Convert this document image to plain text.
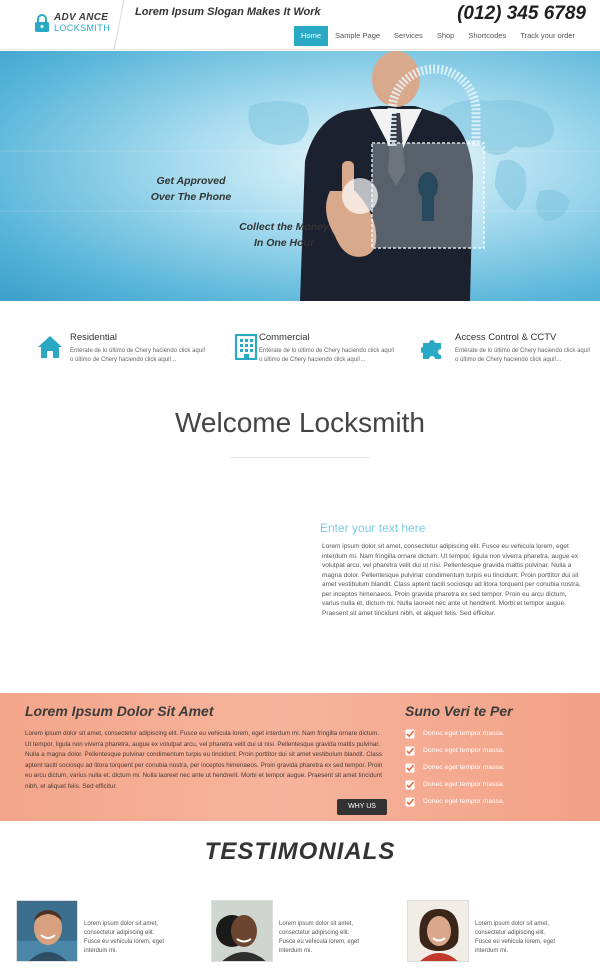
ADV ANCE
LOCKSMITH
Lorem Ipsum Slogan Makes It Work	(012) 345 6789
Home	Sample Page	Services	Shop	Shortcodes	Track your order
Get Approved
Over The Phone
Collect the Money
In One Hour
Residential
Entérate de lo último de Chery haciendo click aquí! o último de Chery haciendo click aquí!...
Commercial
Entérate de lo último de Chery haciendo click aquí! o último de Chery haciendo click aquí!...
Access Control & CCTV
Entérate de lo último de Chery haciendo click aquí! o último de Chery haciendo click aquí!...
Welcome Locksmith
Enter your text here
Lorem ipsum dolor sit amet, consectetur adipiscing elit. Fusce eu vehicula lorem, eget interdum mi. Nam fringilla ornare dictum. Ut tempor, ligula non viverra pharetra, augue ex volutpat arcu, vel pharetra velit dui ut nisi. Pellentesque gravida mattis pulvinar. Nulla a magna dolor. Pellentesque pulvinar condimentum turpis eu tincidunt. Proin porttitor dui sit amet vestibulum blandit. Class aptent taciti sociosqu ad litora torquent per conubia nostra, per inceptos himenaeos. Proin gravida pharetra ex sed tempor. Proin eu arcu dictum, varius nulla et, dictum mi. Nulla laoreet nec ante ut hendrerit. Morbi et tempor augue. Praesent sit amet tincidunt nibh, et aliquet felis. Sed efficitur.
Lorem Ipsum Dolor Sit Amet
Lorem ipsum dolor sit amet, consectetur adipiscing elit. Fusce eu vehicula lorem, eget interdum mi. Nam fringilla ornare dictum. Ut tempor, ligula non viverra pharetra, augue ex volutpat arcu, vel pharetra velit dui ut nisi. Pellentesque gravida mattis pulvinar. Nulla a magna dolor. Pellentesque pulvinar condimentum turpis eu tincidunt. Proin porttitor dui sit amet vestibulum blandit. Class aptent taciti sociosqu ad litora torquent per conubia nostra, per inceptos himenaeos. Proin gravida pharetra ex sed tempor. Proin eu arcu dictum, varius nulla et, dictum mi. Nulla laoreet nec ante ut hendrerit. Morbi et tempor augue. Praesent sit amet tincidunt nibh, et aliquet felis. Sed efficitur.
WHY US
Suno Veri te Per
Donec eget tempor massa.
Donec eget tempor massa.
Donec eget tempor massa.
Donec eget tempor massa.
Donec eget tempor massa.
TESTIMONIALS
Lorem ipsum dolor sit amet, consectetur adipiscing elit. Fusce eu vehicula lorem, eget interdum mi.
Lorem ipsum dolor sit amet, consectetur adipiscing elit. Fusce eu vehicula lorem, eget interdum mi.
Lorem ipsum dolor sit amet, consectetur adipiscing elit. Fusce eu vehicula lorem, eget interdum mi.
